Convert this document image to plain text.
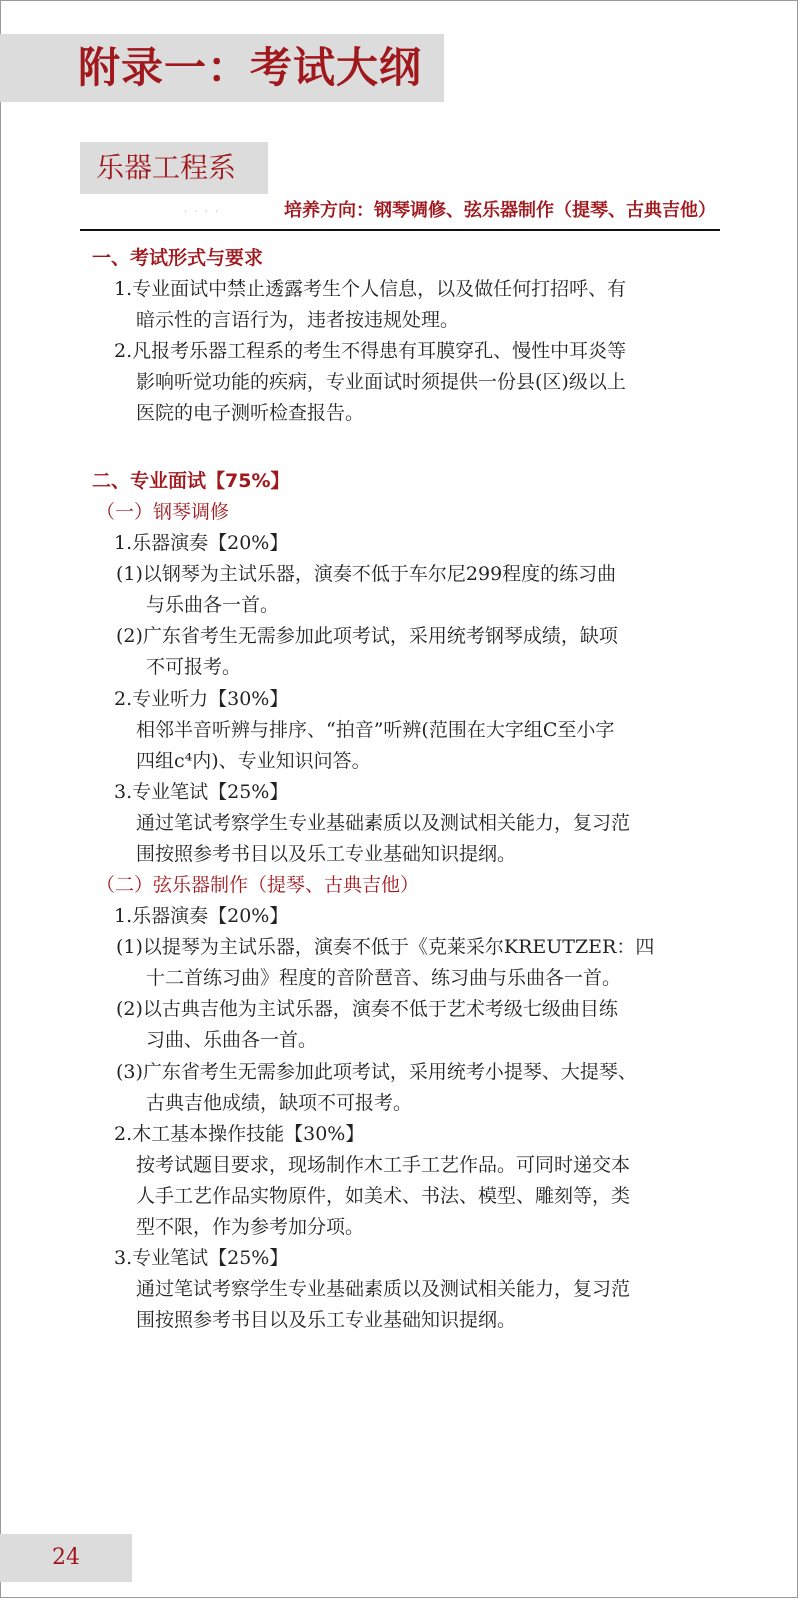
附录一：考试大纲
乐器工程系
· · · ·	培养方向：钢琴调修、弦乐器制作（提琴、古典吉他）
一、考试形式与要求
1.专业面试中禁止透露考生个人信息，以及做任何打招呼、有
暗示性的言语行为，违者按违规处理。
2.凡报考乐器工程系的考生不得患有耳膜穿孔、慢性中耳炎等
影响听觉功能的疾病，专业面试时须提供一份县(区)级以上
医院的电子测听检查报告。
二、专业面试【75%】
（一）钢琴调修
1.乐器演奏【20%】
(1)以钢琴为主试乐器，演奏不低于车尔尼299程度的练习曲
与乐曲各一首。
(2)广东省考生无需参加此项考试，采用统考钢琴成绩，缺项
不可报考。
2.专业听力【30%】
相邻半音听辨与排序、“拍音”听辨(范围在大字组C至小字
四组c⁴内)、专业知识问答。
3.专业笔试【25%】
通过笔试考察学生专业基础素质以及测试相关能力，复习范
围按照参考书目以及乐工专业基础知识提纲。
（二）弦乐器制作（提琴、古典吉他）
1.乐器演奏【20%】
(1)以提琴为主试乐器，演奏不低于《克莱采尔KREUTZER：四
十二首练习曲》程度的音阶琶音、练习曲与乐曲各一首。
(2)以古典吉他为主试乐器，演奏不低于艺术考级七级曲目练
习曲、乐曲各一首。
(3)广东省考生无需参加此项考试，采用统考小提琴、大提琴、
古典吉他成绩，缺项不可报考。
2.木工基本操作技能【30%】
按考试题目要求，现场制作木工手工艺作品。可同时递交本
人手工艺作品实物原件，如美术、书法、模型、雕刻等，类
型不限，作为参考加分项。
3.专业笔试【25%】
通过笔试考察学生专业基础素质以及测试相关能力，复习范
围按照参考书目以及乐工专业基础知识提纲。
24
